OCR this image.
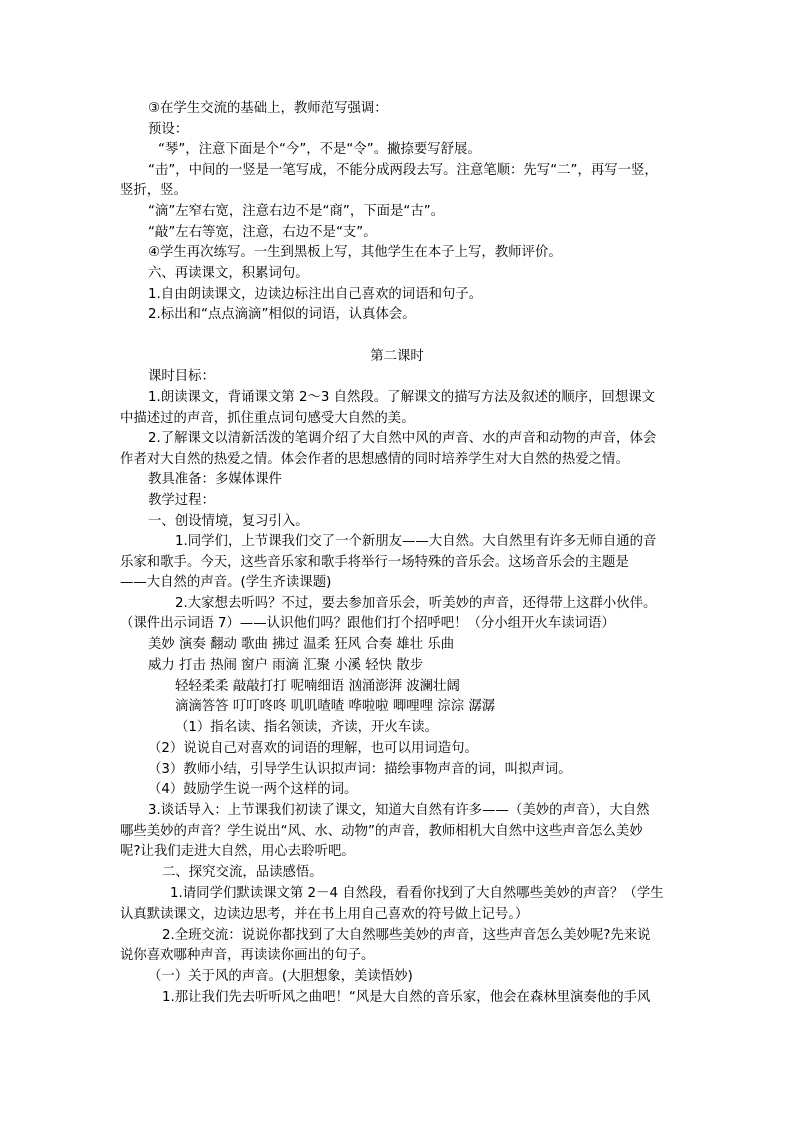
③在学生交流的基础上，教师范写强调：
预设：
“琴”，注意下面是个“今”，不是“令”。撇捺要写舒展。
“击”，中间的一竖是一笔写成，不能分成两段去写。注意笔顺：先写“二”，再写一竖，
竖折，竖。
“滴”左窄右宽，注意右边不是“商”，下面是“古”。
“敲”左右等宽，注意，右边不是“支”。
④学生再次练写。一生到黑板上写，其他学生在本子上写，教师评价。
六、再读课文，积累词句。
1.自由朗读课文，边读边标注出自己喜欢的词语和句子。
2.标出和“点点滴滴”相似的词语，认真体会。
第二课时
课时目标：
1.朗读课文，背诵课文第 2～3 自然段。了解课文的描写方法及叙述的顺序，回想课文
中描述过的声音，抓住重点词句感受大自然的美。
2.了解课文以清新活泼的笔调介绍了大自然中风的声音、水的声音和动物的声音，体会
作者对大自然的热爱之情。体会作者的思想感情的同时培养学生对大自然的热爱之情。
教具准备：多媒体课件
教学过程：
一、创设情境，复习引入。
1.同学们，上节课我们交了一个新朋友——大自然。大自然里有许多无师自通的音
乐家和歌手。今天，这些音乐家和歌手将举行一场特殊的音乐会。这场音乐会的主题是
——大自然的声音。(学生齐读课题)
2.大家想去听吗？不过，要去参加音乐会，听美妙的声音，还得带上这群小伙伴。
（课件出示词语 7）——认识他们吗？跟他们打个招呼吧！（分小组开火车读词语）
美妙 演奏 翻动 歌曲 拂过 温柔 狂风 合奏 雄壮 乐曲
威力 打击 热闹 窗户 雨滴 汇聚 小溪 轻快 散步
轻轻柔柔 敲敲打打 呢喃细语 汹涌澎湃 波澜壮阔
滴滴答答 叮叮咚咚 叽叽喳喳 哗啦啦 唧哩哩 淙淙 潺潺
（1）指名读、指名领读，齐读，开火车读。
（2）说说自己对喜欢的词语的理解，也可以用词造句。
（3）教师小结，引导学生认识拟声词：描绘事物声音的词，叫拟声词。
（4）鼓励学生说一两个这样的词。
3.谈话导入：上节课我们初读了课文，知道大自然有许多——（美妙的声音），大自然
哪些美妙的声音？学生说出“风、水、动物”的声音，教师相机大自然中这些声音怎么美妙
呢?让我们走进大自然，用心去聆听吧。
二、探究交流，品读感悟。
1.请同学们默读课文第 2－4 自然段，看看你找到了大自然哪些美妙的声音？（学生
认真默读课文，边读边思考，并在书上用自己喜欢的符号做上记号。）
2.全班交流：说说你都找到了大自然哪些美妙的声音，这些声音怎么美妙呢?先来说
说你喜欢哪种声音，再读读你画出的句子。
（一）关于风的声音。(大胆想象，美读悟妙)
1.那让我们先去听听风之曲吧！“风是大自然的音乐家，他会在森林里演奏他的手风
